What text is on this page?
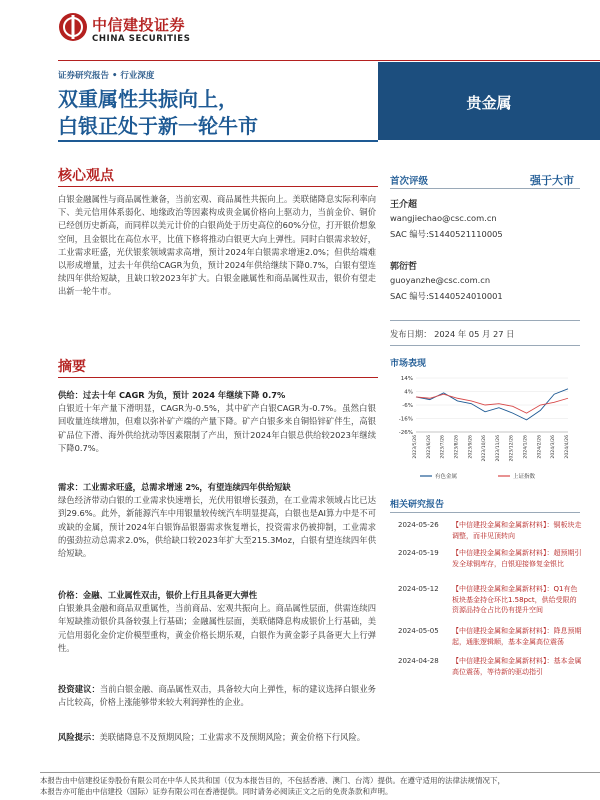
中信建投证券
CHINA SECURITIES
证券研究报告 • 行业深度
双重属性共振向上，
白银正处于新一轮牛市
贵金属
核心观点
白银金融属性与商品属性兼备，当前宏观、商品属性共振向上。美联储降息实际利率向下、美元信用体系弱化、地缘政治等因素构成贵金属价格向上驱动力，当前金价、铜价已经创历史新高，而同样以美元计价的白银尚处于历史高位的60%分位，打开银价想象空间，且金银比在高位水平，比值下修将推动白银更大向上弹性。同时白银需求较好，工业需求旺盛，光伏银浆领域需求高增，预计2024年白银需求增速2.0%；但供给端难以形成增量，过去十年供给CAGR为负，预计2024年供给继续下降0.7%，白银有望连续四年供给短缺，且缺口较2023年扩大。白银金融属性和商品属性双击，银价有望走出新一轮牛市。
摘要
供给：过去十年 CAGR 为负，预计 2024 年继续下降 0.7%
白银近十年产量下滑明显，CAGR为-0.5%，其中矿产白银CAGR为-0.7%。虽然白银回收量连续增加，但难以弥补矿产端的产量下降。矿产白银多来自铜铅锌矿伴生，高银矿品位下滑、海外供给扰动等因素限制了产出，预计2024年白银总供给较2023年继续下降0.7%。
需求：工业需求旺盛，总需求增速 2%，有望连续四年供给短缺
绿色经济带动白银的工业需求快速增长，光伏用银增长强劲，在工业需求领域占比已达到29.6%。此外，新能源汽车中用银量较传统汽车明显提高，白银也是AI算力中是不可或缺的金属，预计2024年白银饰品银器需求恢复增长，投资需求仍被抑制，工业需求的强劲拉动总需求2.0%，供给缺口较2023年扩大至215.3Moz，白银有望连续四年供给短缺。
价格：金融、工业属性双击，银价上行且具备更大弹性
白银兼具金融和商品双重属性，当前商品、宏观共振向上。商品属性层面，供需连续四年短缺推动银价具备较强上行基础；金融属性层面，美联储降息构成银价上行基础，美元信用弱化金价定价模型重构，黄金价格长期乐观，白银作为黄金影子具备更大上行弹性。
投资建议：当前白银金融、商品属性双击，具备较大向上弹性，标的建议选择白银业务占比较高，价格上涨能够带来较大利润弹性的企业。
风险提示：美联储降息不及预期风险；工业需求不及预期风险；黄金价格下行风险。
首次评级	强于大市
王介超
wangjiechao@csc.com.cn
SAC 编号:S1440521110005
郭衍哲
guoyanzhe@csc.com.cn
SAC 编号:S1440524010001
发布日期： 2024 年 05 月 27 日
市场表现
14%
4%
-6%
-16%
-26%
2023/5/26 2023/6/26 2023/7/26 2023/8/26 2023/9/26 2023/10/26 2023/11/26 2023/12/26 2024/1/26 2024/2/26 2024/3/26 2024/4/26
有色金属	上证指数
相关研究报告
2024-05-26	【中信建投金属和金属新材料】：铜板块走调整，而非见顶转向
2024-05-19	【中信建投金属和金属新材料】：超预期引发全球铜库存，白银迎接修复金银比
2024-05-12	【中信建投金属和金属新材料】：Q1有色板块基金持仓环比1.58pct，供给受限的资源品持仓占比仍有提升空间
2024-05-05	【中信建投金属和金属新材料】：降息预期起，通胀逻辑顺，基本金属高位震荡
2024-04-28	【中信建投金属和金属新材料】：基本金属高位震荡，等待新的驱动指引
本报告由中信建投证券股份有限公司在中华人民共和国（仅为本报告目的，不包括香港、澳门、台湾）提供。在遵守适用的法律法规情况下，
本报告亦可能由中信建投（国际）证券有限公司在香港提供。同时请务必阅读正文之后的免责条款和声明。
